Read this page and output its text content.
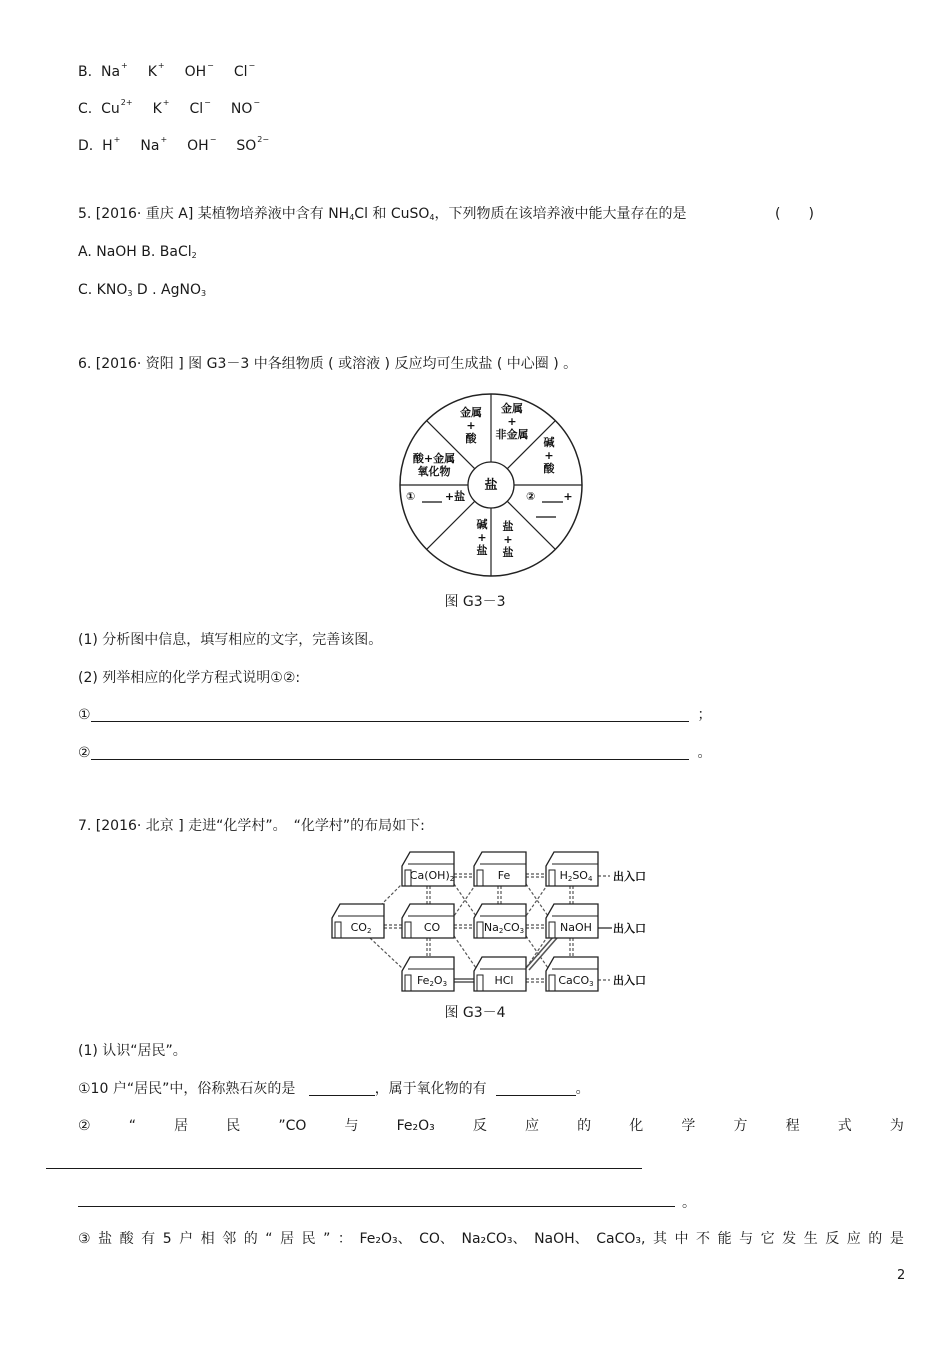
B. Na+ K+ OH− Cl−
C. $Cu^{2+}$ K+ Cl− NO−
D. H+ Na+ OH− $SO^{2-}$
5. [2016· 重庆 A] 某植物培养液中含有 $NH_4Cl$ 和 CuSO$_4$，下列物质在该培养液中能大量存在的是	(　　)
A. NaOH B. BaCl$_2$
C. $KNO_3$ D . AgNO$_3$
6. [2016· 资阳 ] 图 G3－3 中各组物质 ( 或溶液 ) 反应均可生成盐 ( 中心圈 ) 。
盐
金属
+
酸
金属
+
非金属
碱
+
酸
②	+
盐
+
盐
碱
+
盐
①	+盐
酸+金属
氧化物
图 G3－3
(1) 分析图中信息，填写相应的文字，完善该图。
(2) 列举相应的化学方程式说明①②:
①	；
②	。
7. [2016· 北京 ] 走进“化学村”。　“化学村”的布局如下:
Ca(OH)2	Fe	H2SO4
CO2	CO	Na2CO3	NaOH
Fe2O3	HCl	CaCO3
出入口
出入口
出入口
图 G3－4
(1) 认识“居民”。
①10 户“居民”中，俗称熟石灰的是	，属于氧化物的有	。
②	“	居	民	”CO	与	Fe₂O₃	反	应	的	化	学	方	程	式	为
。
③ 盐 酸 有 5 户 相 邻 的 “ 居 民 ” ： Fe₂O₃、 CO、 Na₂CO₃、 NaOH、 CaCO₃, 其 中 不 能 与 它 发 生 反 应 的 是
2
